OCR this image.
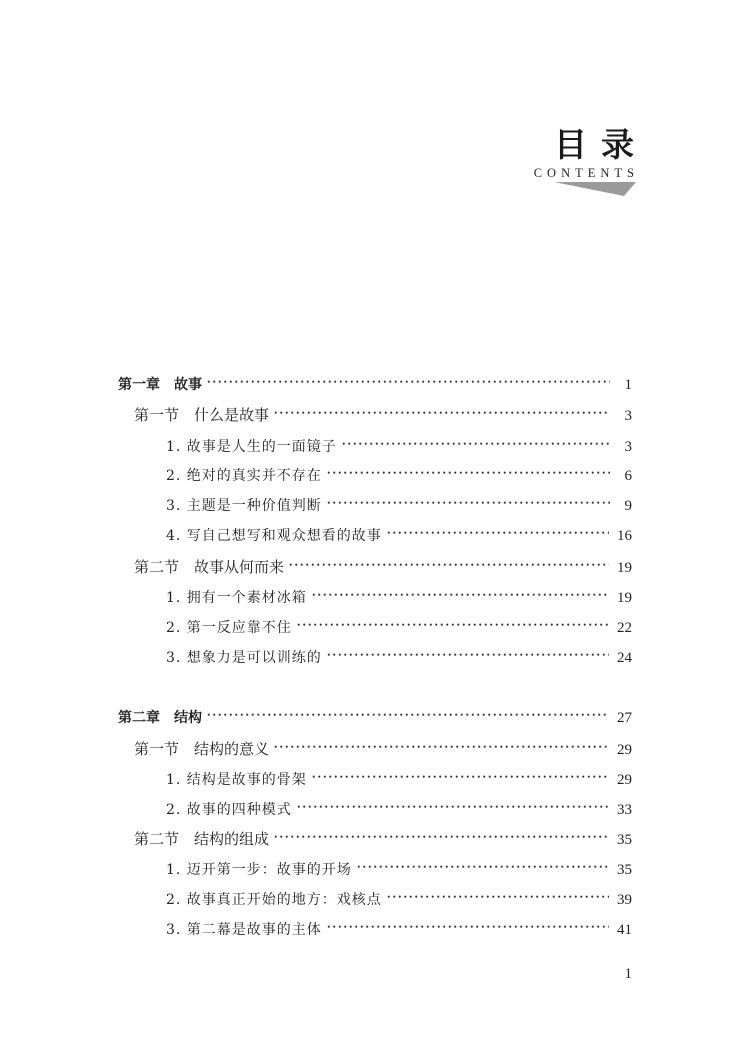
目录
CONTENTS
第一章　故事	1
第一节　什么是故事	3
1. 故事是人生的一面镜子	3
2. 绝对的真实并不存在	6
3. 主题是一种价值判断	9
4. 写自己想写和观众想看的故事	16
第二节　故事从何而来	19
1. 拥有一个素材冰箱	19
2. 第一反应靠不住	22
3. 想象力是可以训练的	24
第二章　结构	27
第一节　结构的意义	29
1. 结构是故事的骨架	29
2. 故事的四种模式	33
第二节　结构的组成	35
1. 迈开第一步：故事的开场	35
2. 故事真正开始的地方：戏核点	39
3. 第二幕是故事的主体	41
1
